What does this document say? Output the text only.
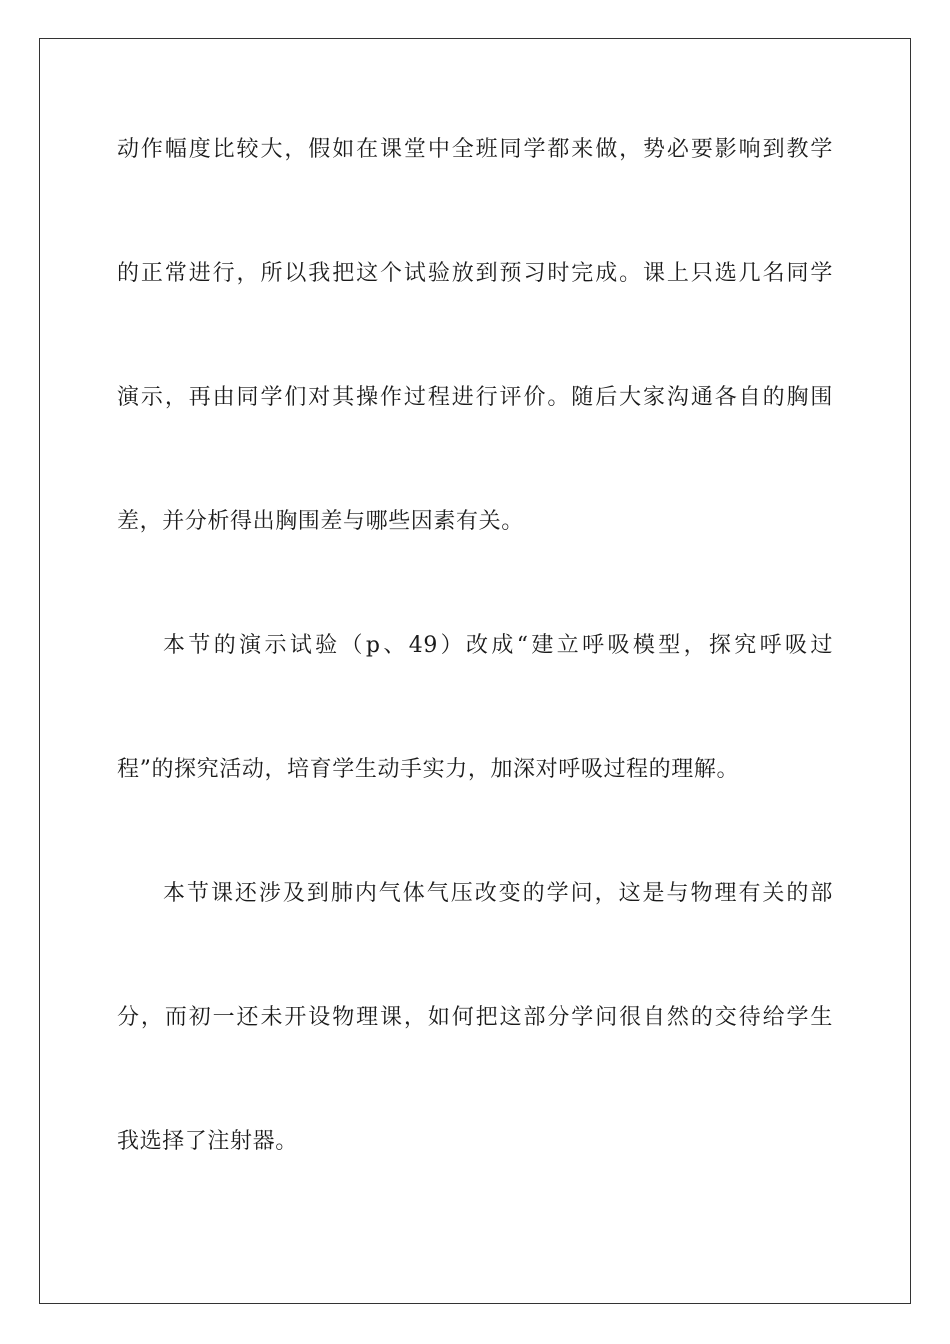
动作幅度比较大，假如在课堂中全班同学都来做，势必要影响到教学
的正常进行，所以我把这个试验放到预习时完成。课上只选几名同学
演示，再由同学们对其操作过程进行评价。随后大家沟通各自的胸围
差，并分析得出胸围差与哪些因素有关。
本节的演示试验（p、49）改成“建立呼吸模型，探究呼吸过
程”的探究活动，培育学生动手实力，加深对呼吸过程的理解。
本节课还涉及到肺内气体气压改变的学问，这是与物理有关的部
分，而初一还未开设物理课，如何把这部分学问很自然的交待给学生
我选择了注射器。
